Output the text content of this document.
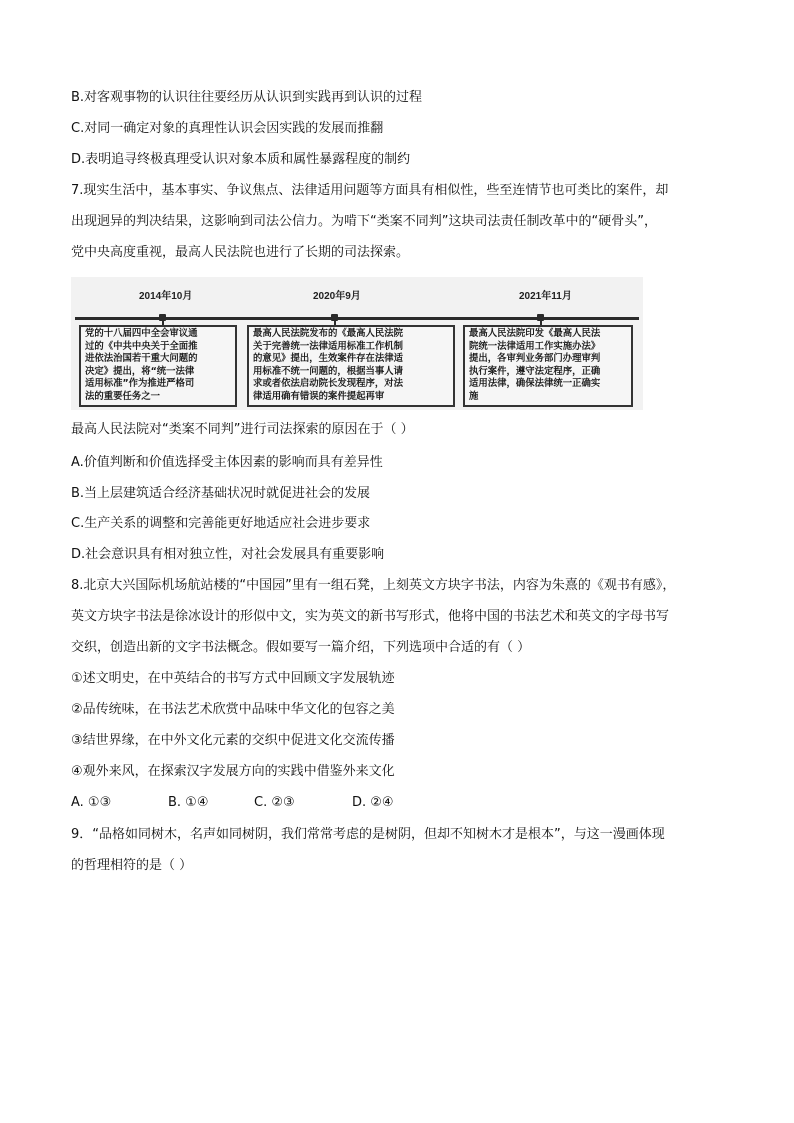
B.对客观事物的认识往往要经历从认识到实践再到认识的过程
C.对同一确定对象的真理性认识会因实践的发展而推翻
D.表明追寻终极真理受认识对象本质和属性暴露程度的制约
7.现实生活中，基本事实、争议焦点、法律适用问题等方面具有相似性，些至连情节也可类比的案件，却
出现迥异的判决结果，这影响到司法公信力。为啃下“类案不同判”这块司法责任制改革中的“硬骨头”，
党中央高度重视，最高人民法院也进行了长期的司法探索。
2014年10月
党的十八届四中全会审议通
过的《中共中央关于全面推
进依法治国若干重大问题的
决定》提出，将“统一法律
适用标准”作为推进严格司
法的重要任务之一
2020年9月
最高人民法院发布的《最高人民法院
关于完善统一法律适用标准工作机制
的意见》提出，生效案件存在法律适
用标准不统一问题的，根据当事人请
求或者依法启动院长发现程序，对法
律适用确有错误的案件提起再审
2021年11月
最高人民法院印发《最高人民法
院统一法律适用工作实施办法》
提出，各审判业务部门办理审判
执行案件，遵守法定程序，正确
适用法律，确保法律统一正确实
施
最高人民法院对“类案不同判”进行司法探索的原因在于（ ）
A.价值判断和价值选择受主体因素的影响而具有差异性
B.当上层建筑适合经济基础状况时就促进社会的发展
C.生产关系的调整和完善能更好地适应社会进步要求
D.社会意识具有相对独立性，对社会发展具有重要影响
8.北京大兴国际机场航站楼的“中国园”里有一组石凳，上刻英文方块字书法，内容为朱熹的《观书有感》，
英文方块字书法是徐冰设计的形似中文，实为英文的新书写形式，他将中国的书法艺术和英文的字母书写
交织，创造出新的文字书法概念。假如要写一篇介绍，下列选项中合适的有（ ）
①述文明史，在中英结合的书写方式中回顾文字发展轨迹
②品传统味，在书法艺术欣赏中品味中华文化的包容之美
③结世界缘，在中外文化元素的交织中促进文化交流传播
④观外来风，在探索汉字发展方向的实践中借鉴外来文化
A. ①③	B. ①④	C. ②③	D. ②④
9．“品格如同树木，名声如同树阴，我们常常考虑的是树阴，但却不知树木才是根本”，与这一漫画体现
的哲理相符的是（ ）
